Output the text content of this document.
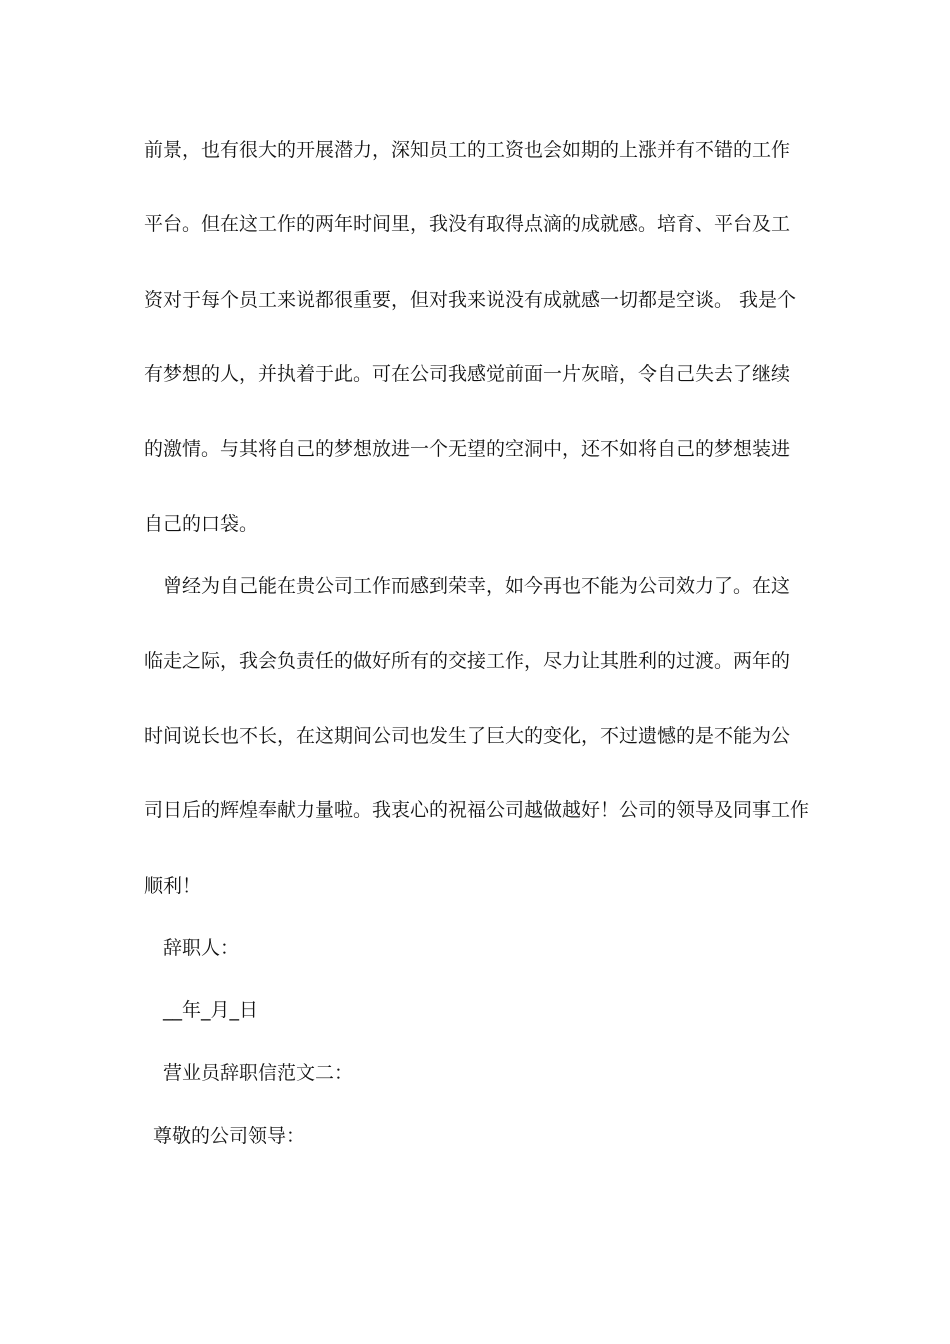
前景，也有很大的开展潜力，深知员工的工资也会如期的上涨并有不错的工作
平台。但在这工作的两年时间里，我没有取得点滴的成就感。培育、平台及工
资对于每个员工来说都很重要，但对我来说没有成就感一切都是空谈。 我是个
有梦想的人，并执着于此。可在公司我感觉前面一片灰暗，令自己失去了继续
的激情。与其将自己的梦想放进一个无望的空洞中，还不如将自己的梦想装进
自己的口袋。
曾经为自己能在贵公司工作而感到荣幸，如今再也不能为公司效力了。在这
临走之际，我会负责任的做好所有的交接工作，尽力让其胜利的过渡。两年的
时间说长也不长，在这期间公司也发生了巨大的变化，不过遗憾的是不能为公
司日后的辉煌奉献力量啦。我衷心的祝福公司越做越好！公司的领导及同事工作
顺利！
辞职人：
__年_月_日
营业员辞职信范文二：
尊敬的公司领导：
